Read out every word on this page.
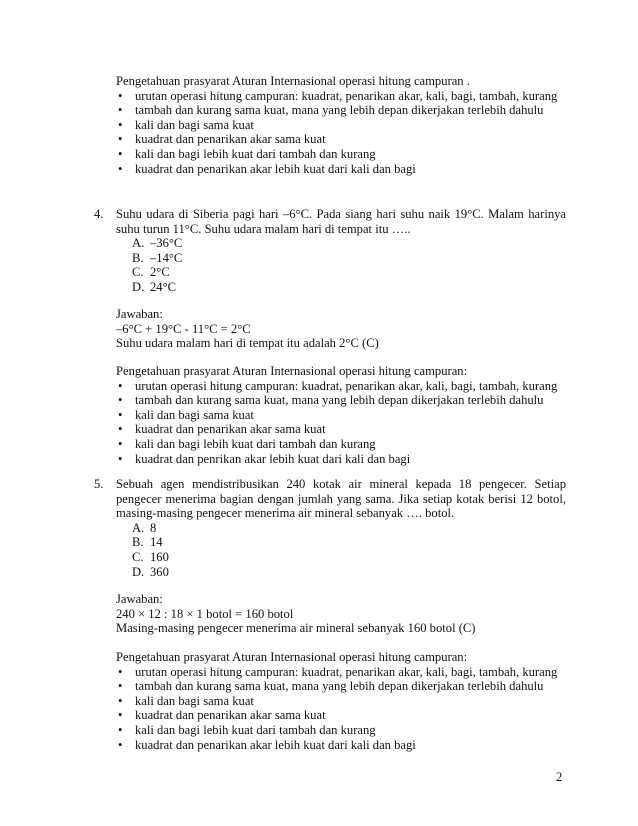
Pengetahuan prasyarat Aturan Internasional operasi hitung campuran .
• urutan operasi hitung campuran: kuadrat, penarikan akar, kali, bagi, tambah, kurang
• tambah dan kurang sama kuat, mana yang lebih depan dikerjakan terlebih dahulu
• kali dan bagi sama kuat
• kuadrat dan penarikan akar sama kuat
• kali dan bagi lebih kuat dari tambah dan kurang
• kuadrat dan penarikan akar lebih kuat dari kali dan bagi
4. Suhu udara di Siberia pagi hari –6°C. Pada siang hari suhu naik 19°C. Malam harinya suhu turun 11°C. Suhu udara malam hari di tempat itu …..
A. –36°C
B. –14°C
C. 2°C
D. 24°C
Jawaban:
–6°C + 19°C - 11°C = 2°C
Suhu udara malam hari di tempat itu adalah 2°C (C)
Pengetahuan prasyarat Aturan Internasional operasi hitung campuran:
• urutan operasi hitung campuran: kuadrat, penarikan akar, kali, bagi, tambah, kurang
• tambah dan kurang sama kuat, mana yang lebih depan dikerjakan terlebih dahulu
• kali dan bagi sama kuat
• kuadrat dan penarikan akar sama kuat
• kali dan bagi lebih kuat dari tambah dan kurang
• kuadrat dan penrikan akar lebih kuat dari kali dan bagi
5. Sebuah agen mendistribusikan 240 kotak air mineral kepada 18 pengecer. Setiap pengecer menerima bagian dengan jumlah yang sama. Jika setiap kotak berisi 12 botol, masing-masing pengecer menerima air mineral sebanyak …. botol.
A. 8
B. 14
C. 160
D. 360
Jawaban:
240 × 12 : 18 × 1 botol = 160 botol
Masing-masing pengecer menerima air mineral sebanyak 160 botol (C)
Pengetahuan prasyarat Aturan Internasional operasi hitung campuran:
• urutan operasi hitung campuran: kuadrat, penarikan akar, kali, bagi, tambah, kurang
• tambah dan kurang sama kuat, mana yang lebih depan dikerjakan terlebih dahulu
• kali dan bagi sama kuat
• kuadrat dan penarikan akar sama kuat
• kali dan bagi lebih kuat dari tambah dan kurang
• kuadrat dan penarikan akar lebih kuat dari kali dan bagi
2
